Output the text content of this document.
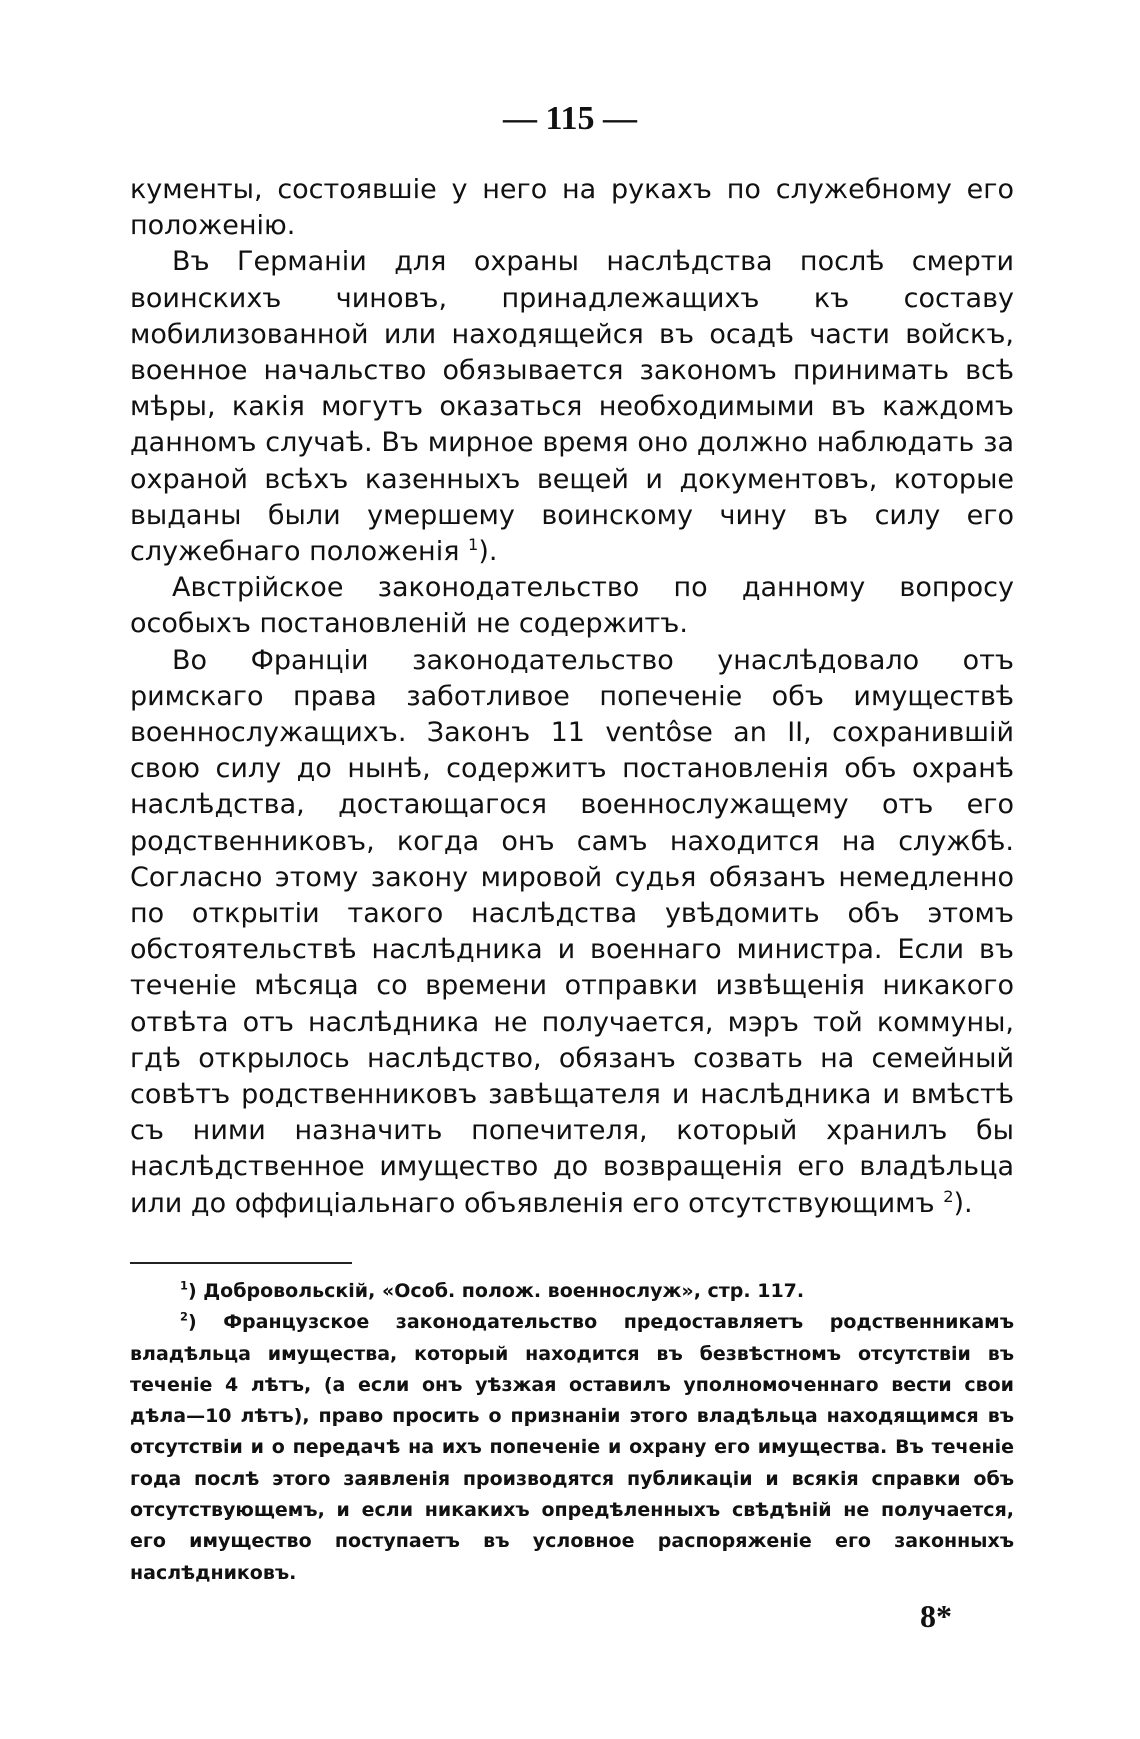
— 115 —

кументы, состоявшіе у него на рукахъ по служебному его положенію.

Въ Германіи для охраны наслѣдства послѣ смерти воинскихъ чиновъ, принадлежащихъ къ составу мобилизованной или находящейся въ осадѣ части войскъ, военное начальство обязывается закономъ принимать всѣ мѣры, какія могутъ оказаться необходимыми въ каждомъ данномъ случаѣ. Въ мирное время оно должно наблюдать за охраной всѣхъ казенныхъ вещей и документовъ, которые выданы были умершему воинскому чину въ силу его служебнаго положенія $^1$).

Австрійское законодательство по данному вопросу особыхъ постановленій не содержитъ.

Во Франціи законодательство унаслѣдовало отъ римскаго права заботливое попеченіе объ имуществѣ военнослужащихъ. Законъ 11 ventôse an II, сохранившій свою силу до нынѣ, содержитъ постановленія объ охранѣ наслѣдства, достающагося военнослужащему отъ его родственниковъ, когда онъ самъ находится на службѣ. Согласно этому закону мировой судья обязанъ немедленно по открытіи такого наслѣдства увѣдомить объ этомъ обстоятельствѣ наслѣдника и военнаго министра. Если въ теченіе мѣсяца со времени отправки извѣщенія никакого отвѣта отъ наслѣдника не получается, мэръ той коммуны, гдѣ открылось наслѣдство, обязанъ созвать на семейный совѣтъ родственниковъ завѣщателя и наслѣдника и вмѣстѣ съ ними назначить попечителя, который хранилъ бы наслѣдственное имущество до возвращенія его владѣльца или до оффиціальнаго объявленія его отсутствующимъ $^2$).

$^1$) Добровольскій, «Особ. полож. военнослуж», стр. 117.

$^2$) Французское законодательство предоставляетъ родственникамъ владѣльца имущества, который находится въ безвѣстномъ отсутствіи въ теченіе 4 лѣтъ, (а если онъ уѣзжая оставилъ уполномоченнаго вести свои дѣла—10 лѣтъ), право просить о признаніи этого владѣльца находящимся въ отсутствіи и о передачѣ на ихъ попеченіе и охрану его имущества. Въ теченіе года послѣ этого заявленія производятся публикаціи и всякія справки объ отсутствующемъ, и если никакихъ опредѣленныхъ свѣдѣній не получается, его имущество поступаетъ въ условное распоряженіе его законныхъ наслѣдниковъ.

8*
